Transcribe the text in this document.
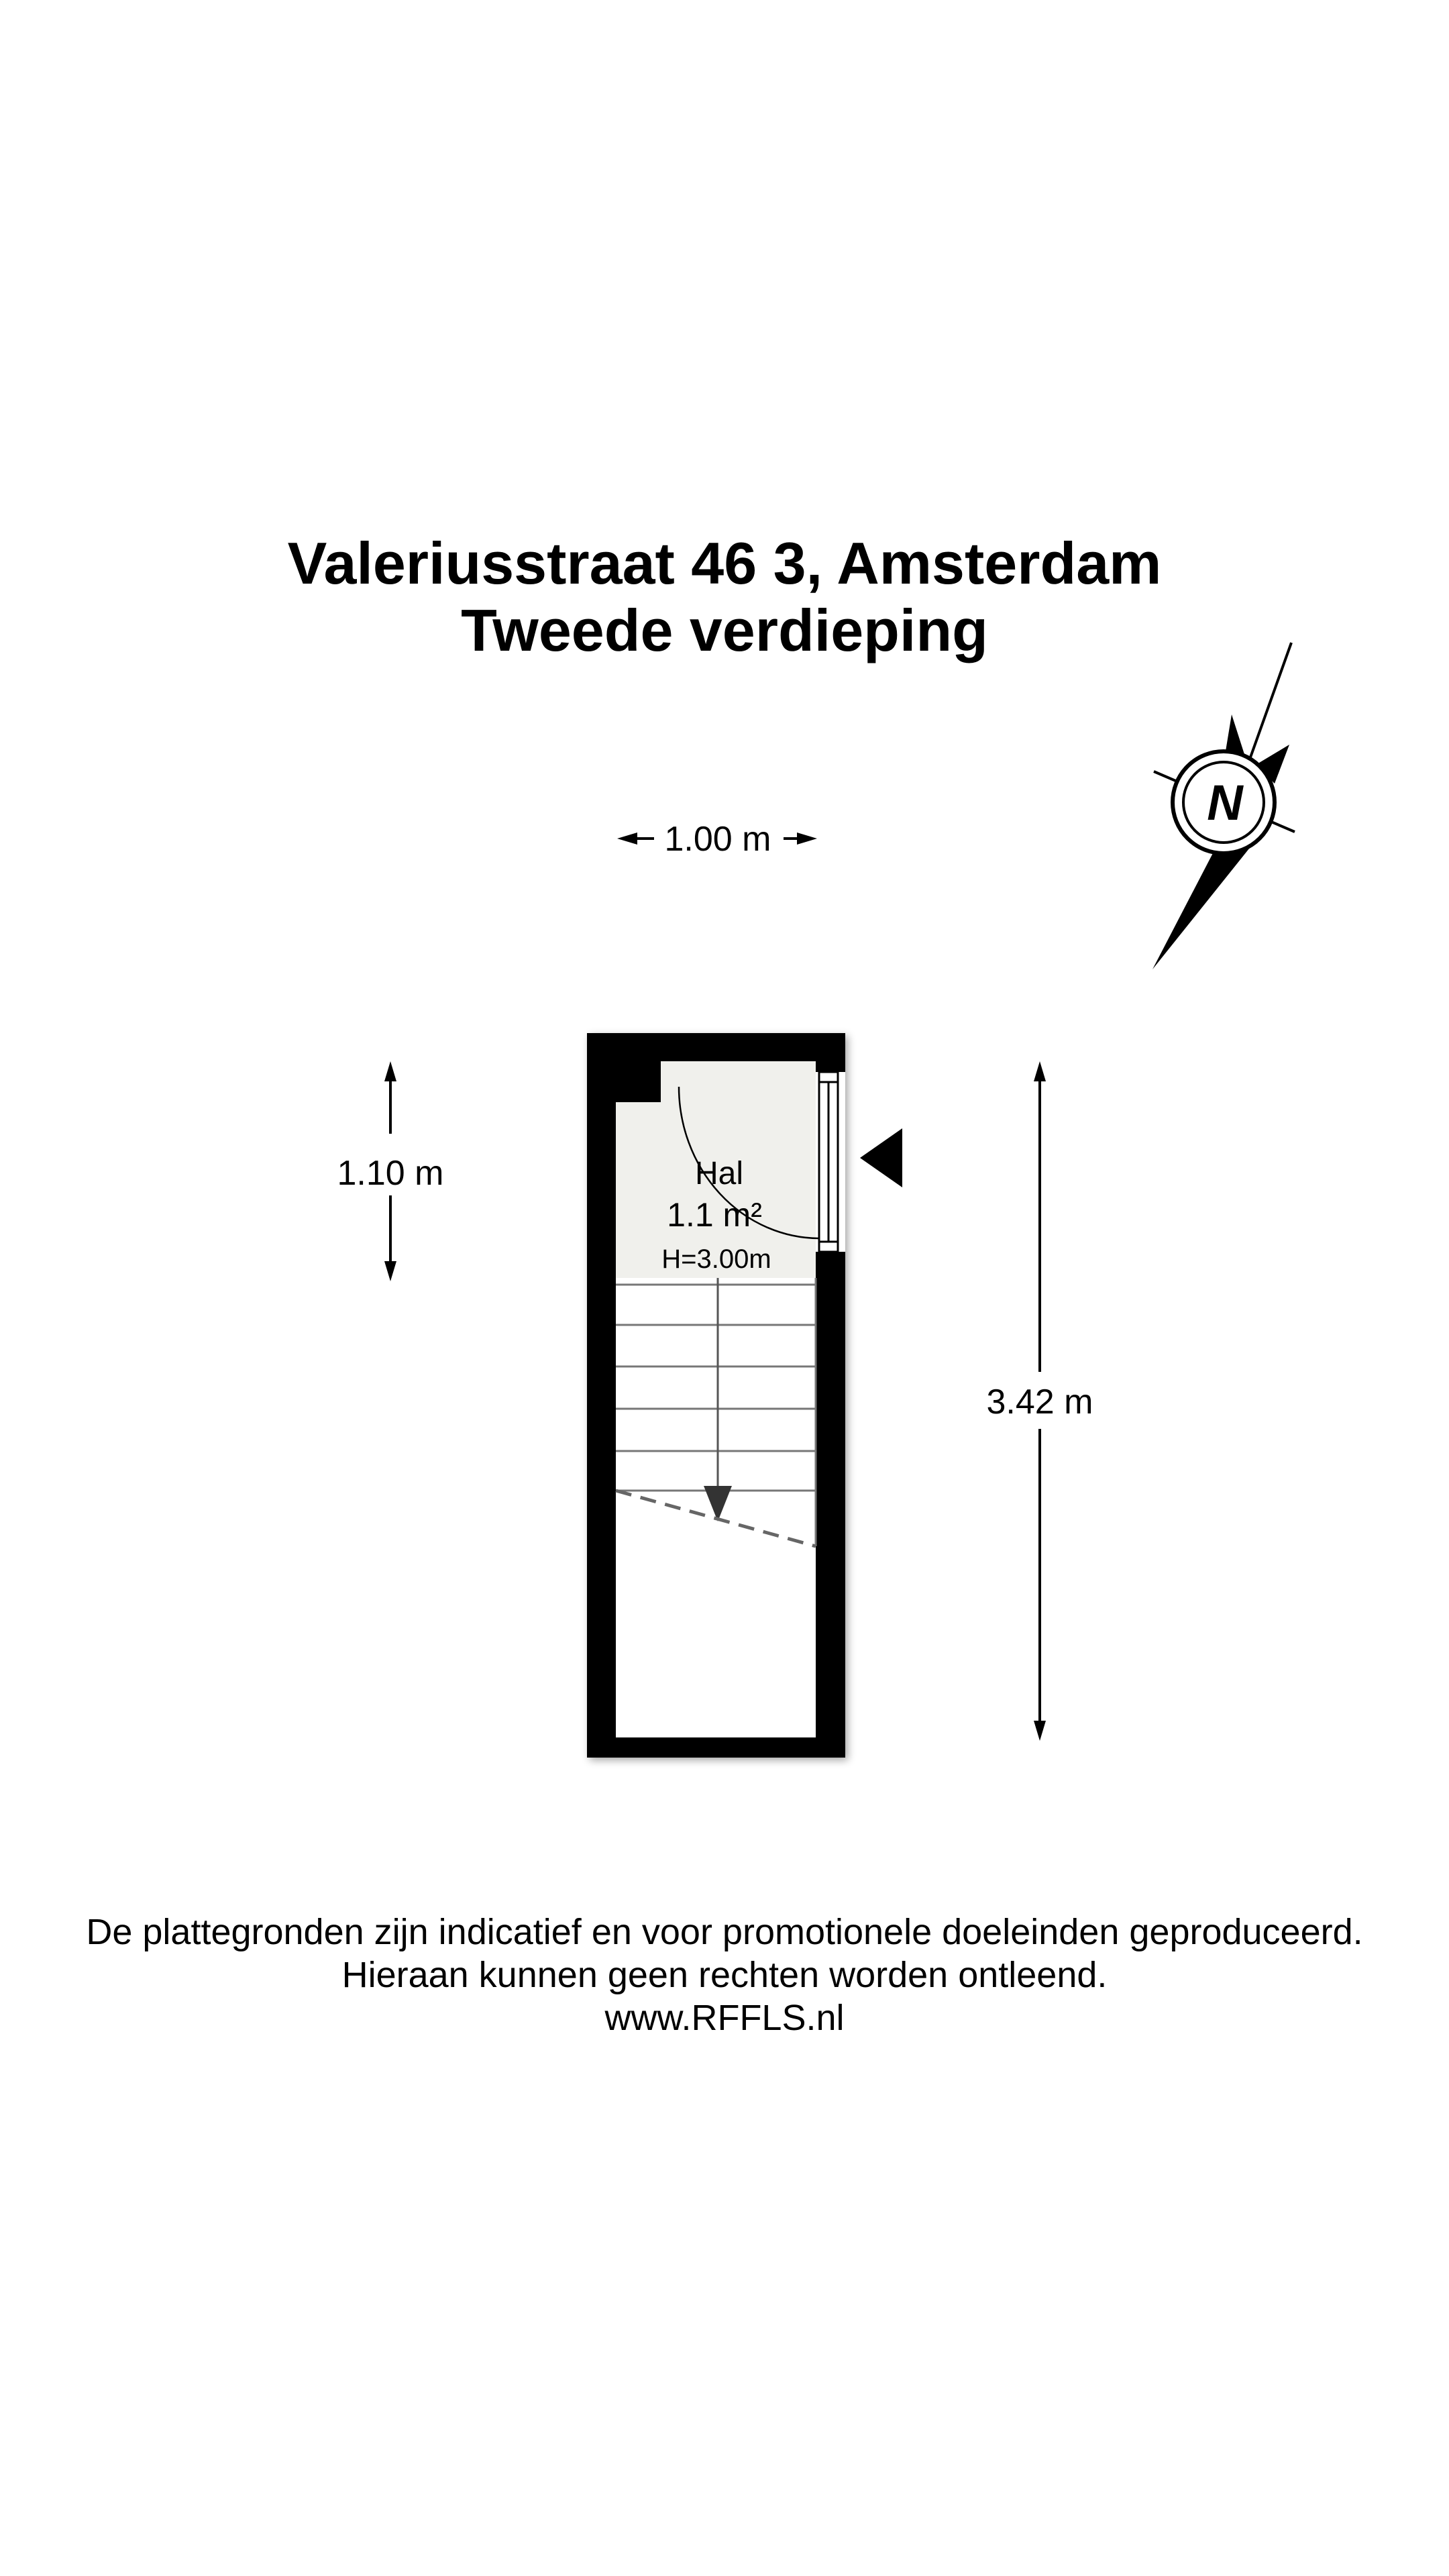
Valeriusstraat 46 3, Amsterdam
Tweede verdieping
1.00 m
1.10 m
3.42 m
Hal
1.1 m²
H=3.00m
N
De plattegronden zijn indicatief en voor promotionele doeleinden geproduceerd.
Hieraan kunnen geen rechten worden ontleend.
www.RFFLS.nl
